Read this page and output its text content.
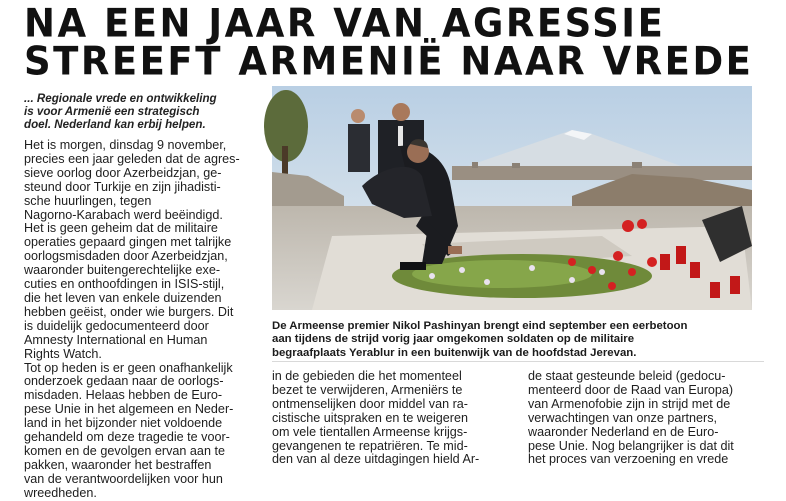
NA EEN JAAR VAN AGRESSIE
STREEFT ARMENIË NAAR VREDE
... Regionale vrede en ontwikkeling
is voor Armenië een strategisch
doel. Nederland kan erbij helpen.
Het is morgen, dinsdag 9 november,
precies een jaar geleden dat de agres-
sieve oorlog door Azerbeidzjan, ge-
steund door Turkije en zijn jihadisti-
sche huurlingen, tegen
Nagorno-Karabach werd beëindigd.
Het is geen geheim dat de militaire
operaties gepaard gingen met talrijke
oorlogsmisdaden door Azerbeidzjan,
waaronder buitengerechtelijke exe-
cuties en onthoofdingen in ISIS-stijl,
die het leven van enkele duizenden
hebben geëist, onder wie burgers. Dit
is duidelijk gedocumenteerd door
Amnesty International en Human
Rights Watch.
Tot op heden is er geen onafhankelijk
onderzoek gedaan naar de oorlogs-
misdaden. Helaas hebben de Euro-
pese Unie in het algemeen en Neder-
land in het bijzonder niet voldoende
gehandeld om deze tragedie te voor-
komen en de gevolgen ervan aan te
pakken, waaronder het bestraffen
van de verantwoordelijken voor hun
wreedheden.
De Armeense premier Nikol Pashinyan brengt eind september een eerbetoon
aan tijdens de strijd vorig jaar omgekomen soldaten op de militaire
begraafplaats Yerablur in een buitenwijk van de hoofdstad Jerevan.
in de gebieden die het momenteel
bezet te verwijderen, Armeniërs te
ontmenselijken door middel van ra-
cistische uitspraken en te weigeren
om vele tientallen Armeense krijgs-
gevangenen te repatriëren. Te mid-
den van al deze uitdagingen hield Ar-
de staat gesteunde beleid (gedocu-
menteerd door de Raad van Europa)
van Armenofobie zijn in strijd met de
verwachtingen van onze partners,
waaronder Nederland en de Euro-
pese Unie. Nog belangrijker is dat dit
het proces van verzoening en vrede
